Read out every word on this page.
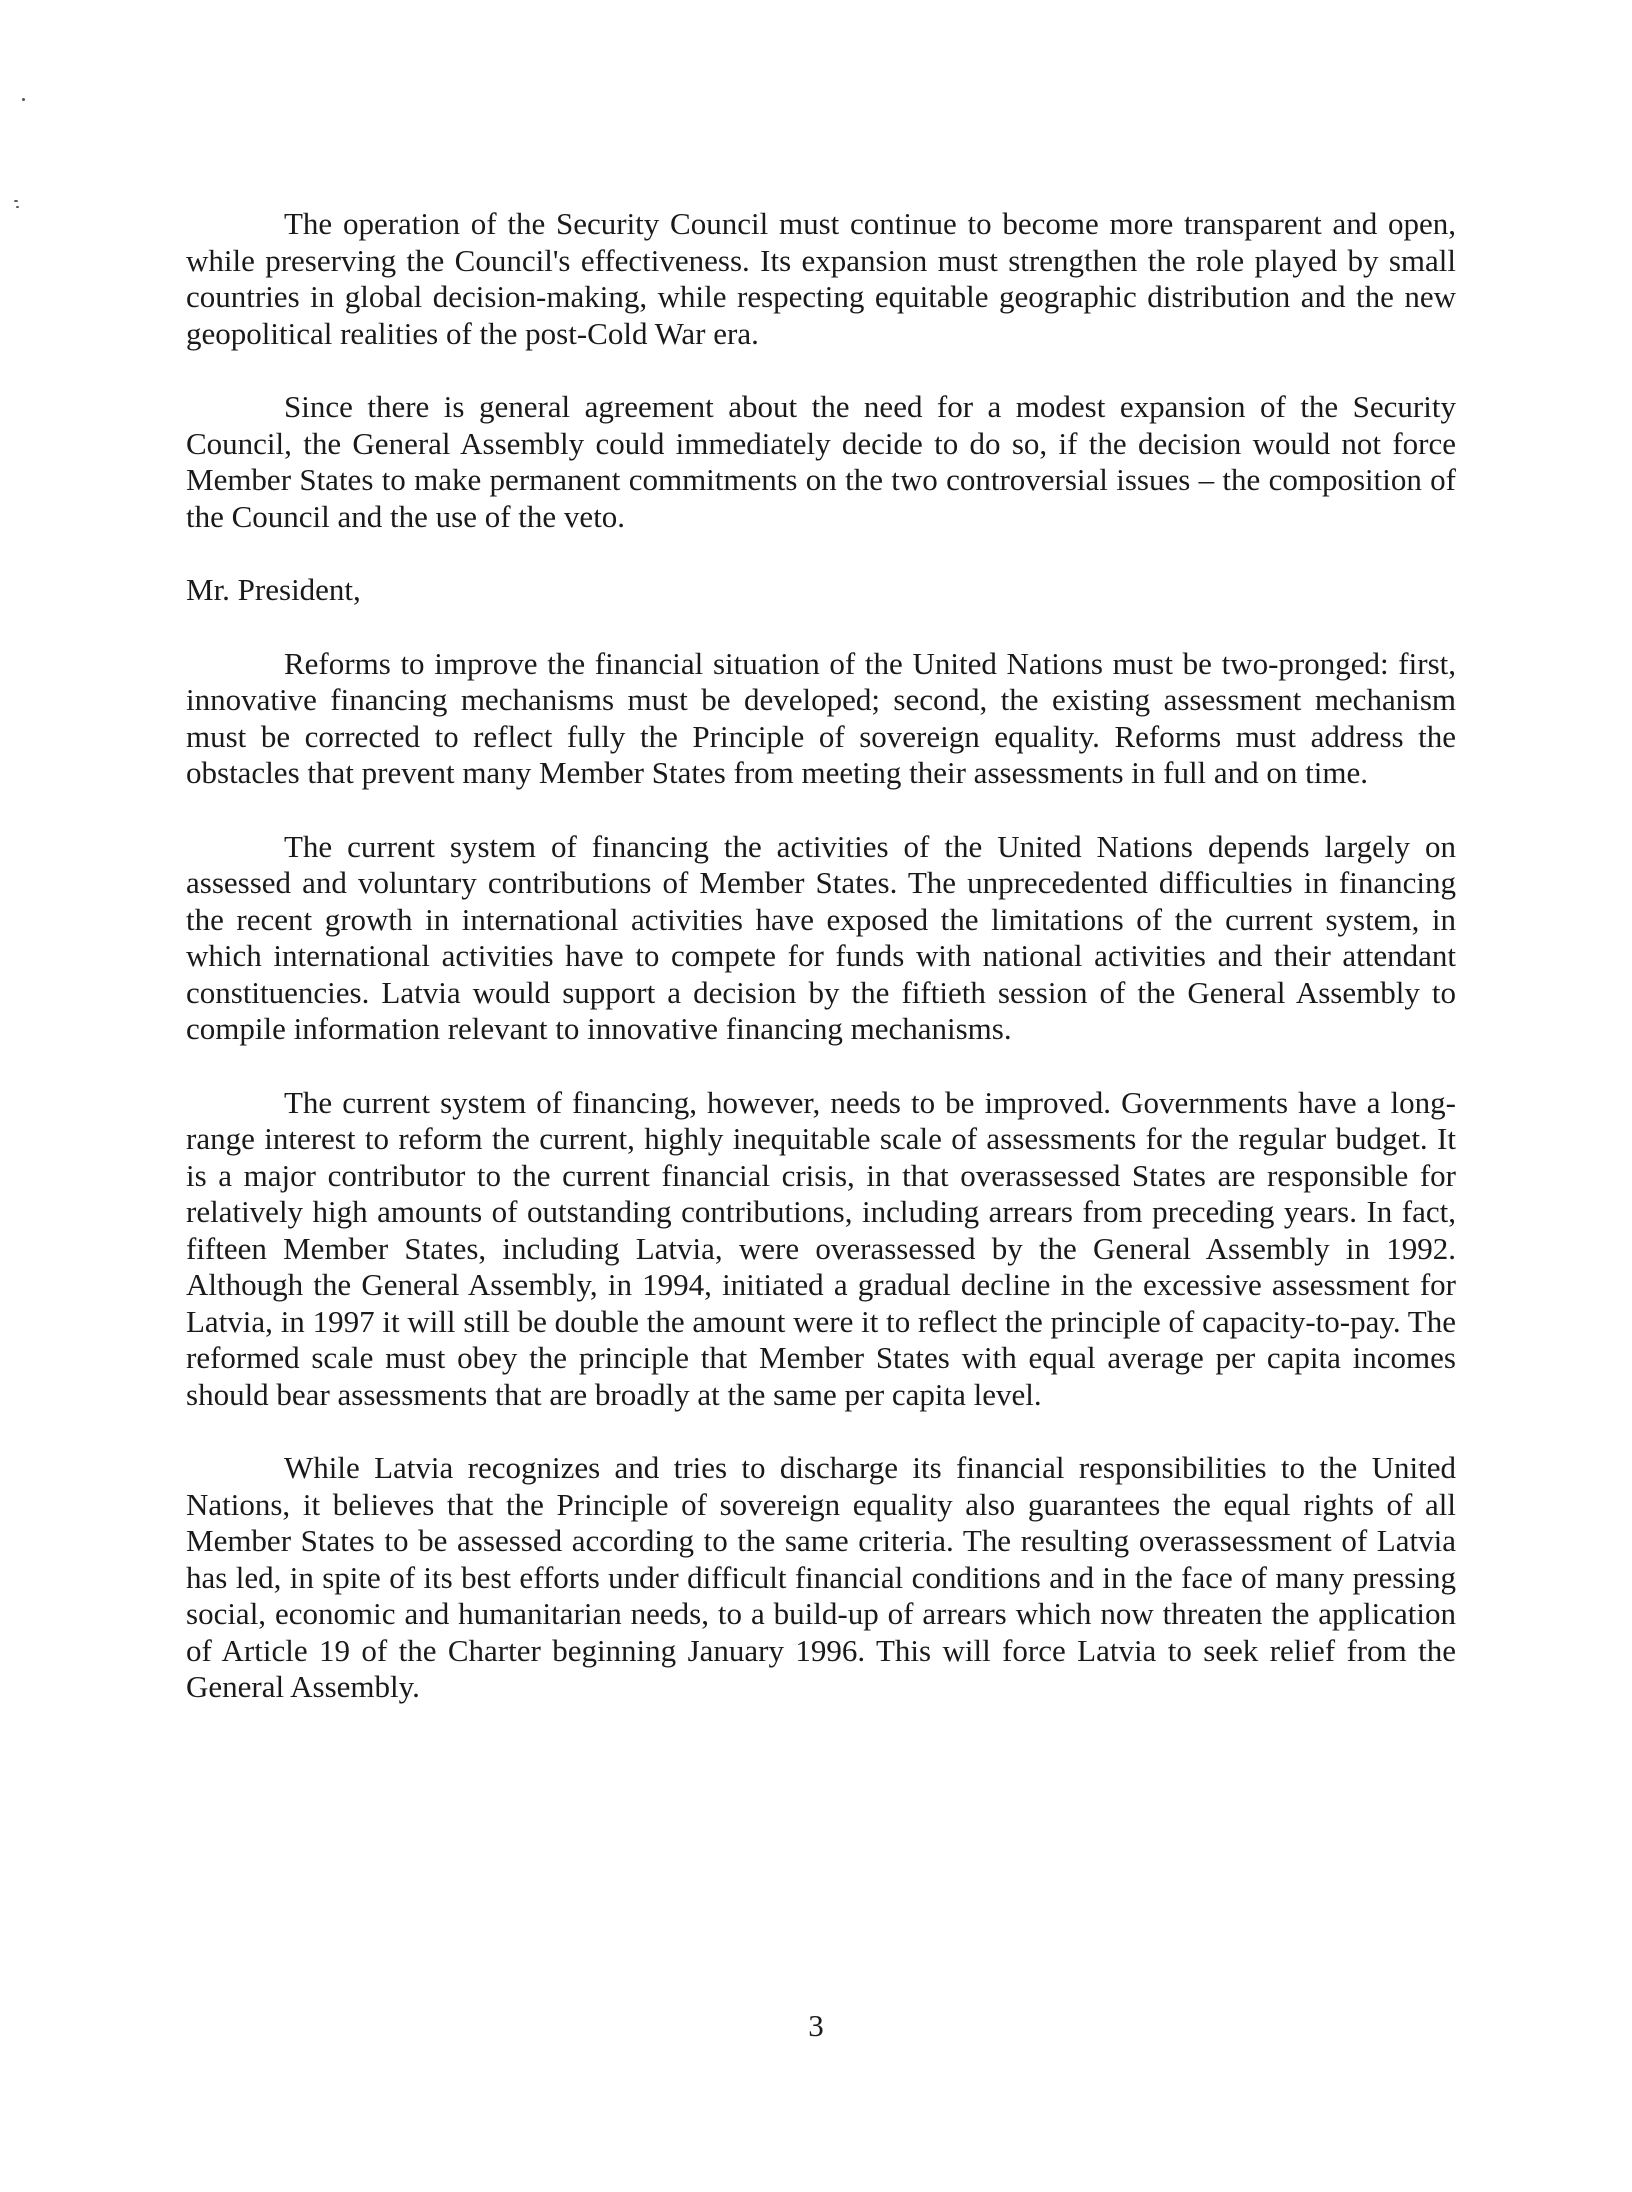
The operation of the Security Council must continue to become more transparent and open, while preserving the Council's effectiveness. Its expansion must strengthen the role played by small countries in global decision-making, while respecting equitable geographic distribution and the new geopolitical realities of the post-Cold War era.

Since there is general agreement about the need for a modest expansion of the Security Council, the General Assembly could immediately decide to do so, if the decision would not force Member States to make permanent commitments on the two controversial issues – the composition of the Council and the use of the veto.

Mr. President,

Reforms to improve the financial situation of the United Nations must be two-pronged: first, innovative financing mechanisms must be developed; second, the existing assessment mechanism must be corrected to reflect fully the Principle of sovereign equality. Reforms must address the obstacles that prevent many Member States from meeting their assessments in full and on time.

The current system of financing the activities of the United Nations depends largely on assessed and voluntary contributions of Member States. The unprecedented difficulties in financing the recent growth in international activities have exposed the limitations of the current system, in which international activities have to compete for funds with national activities and their attendant constituencies. Latvia would support a decision by the fiftieth session of the General Assembly to compile information relevant to innovative financing mechanisms.

The current system of financing, however, needs to be improved. Governments have a long-range interest to reform the current, highly inequitable scale of assessments for the regular budget. It is a major contributor to the current financial crisis, in that overassessed States are responsible for relatively high amounts of outstanding contributions, including arrears from preceding years. In fact, fifteen Member States, including Latvia, were overassessed by the General Assembly in 1992. Although the General Assembly, in 1994, initiated a gradual decline in the excessive assessment for Latvia, in 1997 it will still be double the amount were it to reflect the principle of capacity-to-pay. The reformed scale must obey the principle that Member States with equal average per capita incomes should bear assessments that are broadly at the same per capita level.

While Latvia recognizes and tries to discharge its financial responsibilities to the United Nations, it believes that the Principle of sovereign equality also guarantees the equal rights of all Member States to be assessed according to the same criteria. The resulting overassessment of Latvia has led, in spite of its best efforts under difficult financial conditions and in the face of many pressing social, economic and humanitarian needs, to a build-up of arrears which now threaten the application of Article 19 of the Charter beginning January 1996. This will force Latvia to seek relief from the General Assembly.

3
